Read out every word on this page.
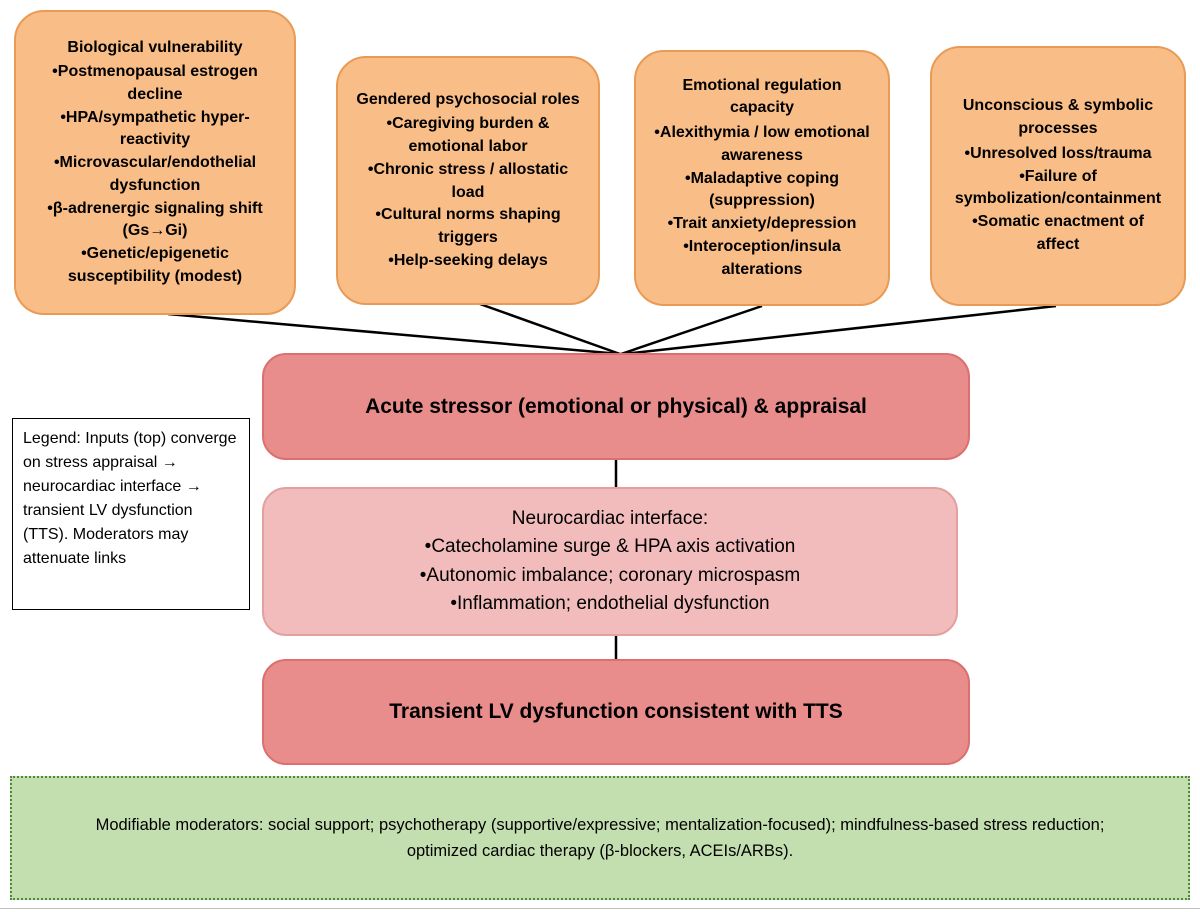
Biological vulnerability
• Postmenopausal estrogen decline
• HPA/sympathetic hyper-reactivity
• Microvascular/endothelial dysfunction
• β-adrenergic signaling shift (Gs→Gi)
• Genetic/epigenetic susceptibility (modest)
Gendered psychosocial roles
• Caregiving burden & emotional labor
• Chronic stress / allostatic load
• Cultural norms shaping triggers
• Help-seeking delays
Emotional regulation capacity
• Alexithymia / low emotional awareness
• Maladaptive coping (suppression)
• Trait anxiety/depression
• Interoception/insula alterations
Unconscious & symbolic processes
• Unresolved loss/trauma
• Failure of symbolization/containment
• Somatic enactment of affect
Acute stressor (emotional or physical) & appraisal
Neurocardiac interface:
• Catecholamine surge & HPA axis activation
• Autonomic imbalance; coronary microspasm
• Inflammation; endothelial dysfunction
Transient LV dysfunction consistent with TTS
Legend: Inputs (top) converge on stress appraisal → neurocardiac interface → transient LV dysfunction (TTS). Moderators may attenuate links
Modifiable moderators: social support; psychotherapy (supportive/expressive; mentalization-focused); mindfulness-based stress reduction; optimized cardiac therapy (β-blockers, ACEIs/ARBs).
